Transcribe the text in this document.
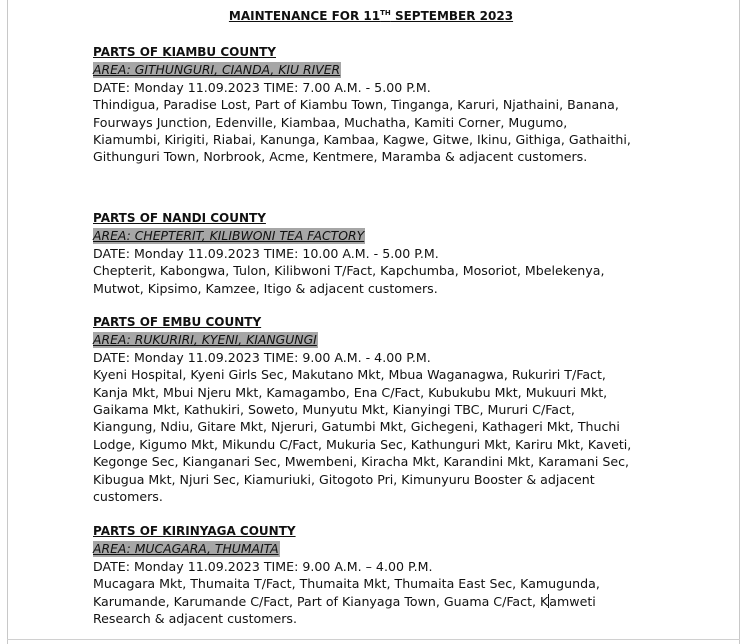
MAINTENANCE FOR 11TH SEPTEMBER 2023
PARTS OF KIAMBU COUNTY
AREA: GITHUNGURI, CIANDA, KIU RIVER
DATE: Monday 11.09.2023 TIME: 7.00 A.M. - 5.00 P.M.
Thindigua, Paradise Lost, Part of Kiambu Town, Tinganga, Karuri, Njathaini, Banana, Fourways Junction, Edenville, Kiambaa, Muchatha, Kamiti Corner, Mugumo, Kiamumbi, Kirigiti, Riabai, Kanunga, Kambaa, Kagwe, Gitwe, Ikinu, Githiga, Gathaithi, Githunguri Town, Norbrook, Acme, Kentmere, Maramba & adjacent customers.
PARTS OF NANDI COUNTY
AREA: CHEPTERIT, KILIBWONI TEA FACTORY
DATE: Monday 11.09.2023 TIME: 10.00 A.M. - 5.00 P.M.
Chepterit, Kabongwa, Tulon, Kilibwoni T/Fact, Kapchumba, Mosoriot, Mbelekenya, Mutwot, Kipsimo, Kamzee, Itigo & adjacent customers.
PARTS OF EMBU COUNTY
AREA: RUKURIRI, KYENI, KIANGUNGI
DATE: Monday 11.09.2023 TIME: 9.00 A.M. - 4.00 P.M.
Kyeni Hospital, Kyeni Girls Sec, Makutano Mkt, Mbua Waganagwa, Rukuriri T/Fact, Kanja Mkt, Mbui Njeru Mkt, Kamagambo, Ena C/Fact, Kubukubu Mkt, Mukuuri Mkt, Gaikama Mkt, Kathukiri, Soweto, Munyutu Mkt, Kianyingi TBC, Mururi C/Fact, Kiangung, Ndiu, Gitare Mkt, Njeruri, Gatumbi Mkt, Gichegeni, Kathageri Mkt, Thuchi Lodge, Kigumo Mkt, Mikundu C/Fact, Mukuria Sec, Kathunguri Mkt, Kariru Mkt, Kaveti, Kegonge Sec, Kianganari Sec, Mwembeni, Kiracha Mkt, Karandini Mkt, Karamani Sec, Kibugua Mkt, Njuri Sec, Kiamuriuki, Gitogoto Pri, Kimunyuru Booster & adjacent customers.
PARTS OF KIRINYAGA COUNTY
AREA: MUCAGARA, THUMAITA
DATE: Monday 11.09.2023 TIME: 9.00 A.M. – 4.00 P.M.
Mucagara Mkt, Thumaita T/Fact, Thumaita Mkt, Thumaita East Sec, Kamugunda, Karumande, Karumande C/Fact, Part of Kianyaga Town, Guama C/Fact, Kamweti Research & adjacent customers.
